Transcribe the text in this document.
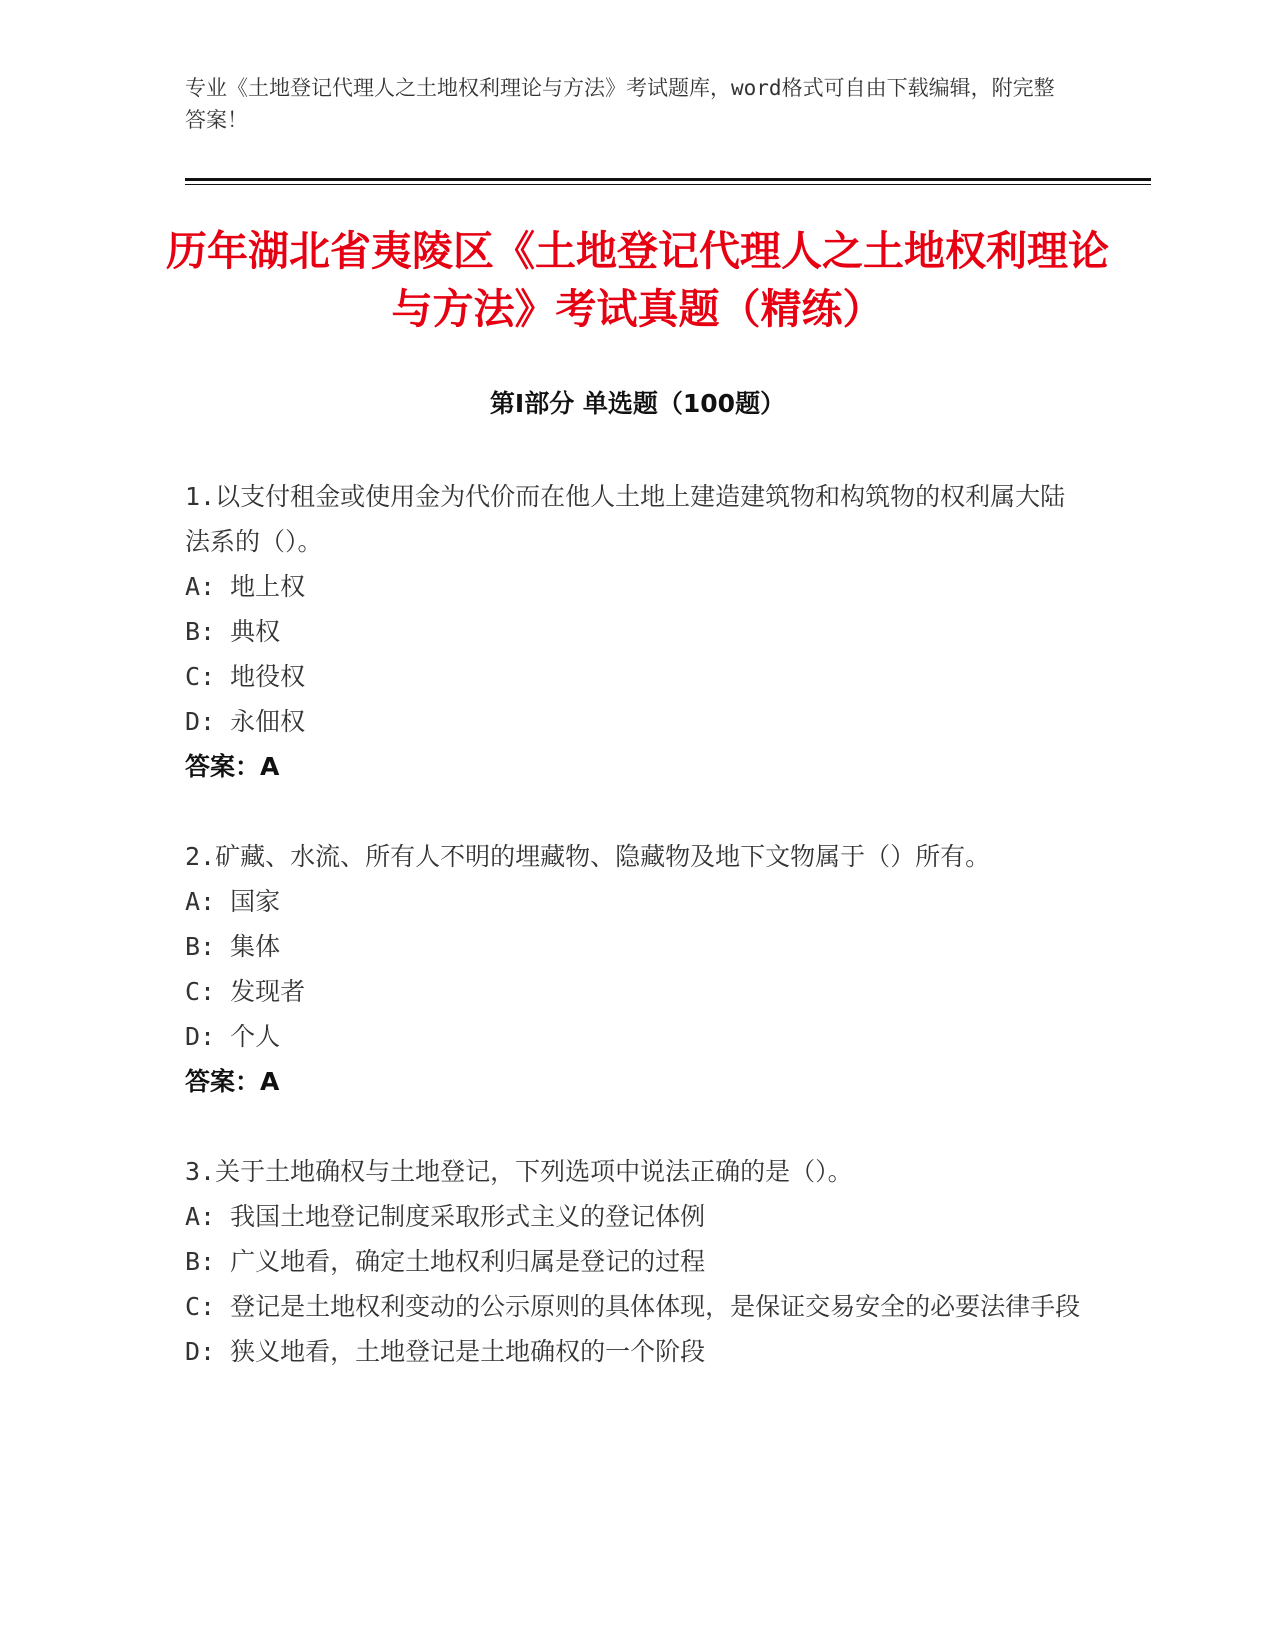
专业《土地登记代理人之土地权利理论与方法》考试题库，word格式可自由下载编辑，附完整答案！
历年湖北省夷陵区《土地登记代理人之土地权利理论与方法》考试真题（精练）
第I部分 单选题（100题）

1.以支付租金或使用金为代价而在他人土地上建造建筑物和构筑物的权利属大陆法系的（）。

A: 地上权

B: 典权

C: 地役权

D: 永佃权

答案：A

2.矿藏、水流、所有人不明的埋藏物、隐藏物及地下文物属于（）所有。

A: 国家

B: 集体

C: 发现者

D: 个人

答案：A

3.关于土地确权与土地登记，下列选项中说法正确的是（）。

A: 我国土地登记制度采取形式主义的登记体例

B: 广义地看，确定土地权利归属是登记的过程

C: 登记是土地权利变动的公示原则的具体体现，是保证交易安全的必要法律手段

D: 狭义地看，土地登记是土地确权的一个阶段
